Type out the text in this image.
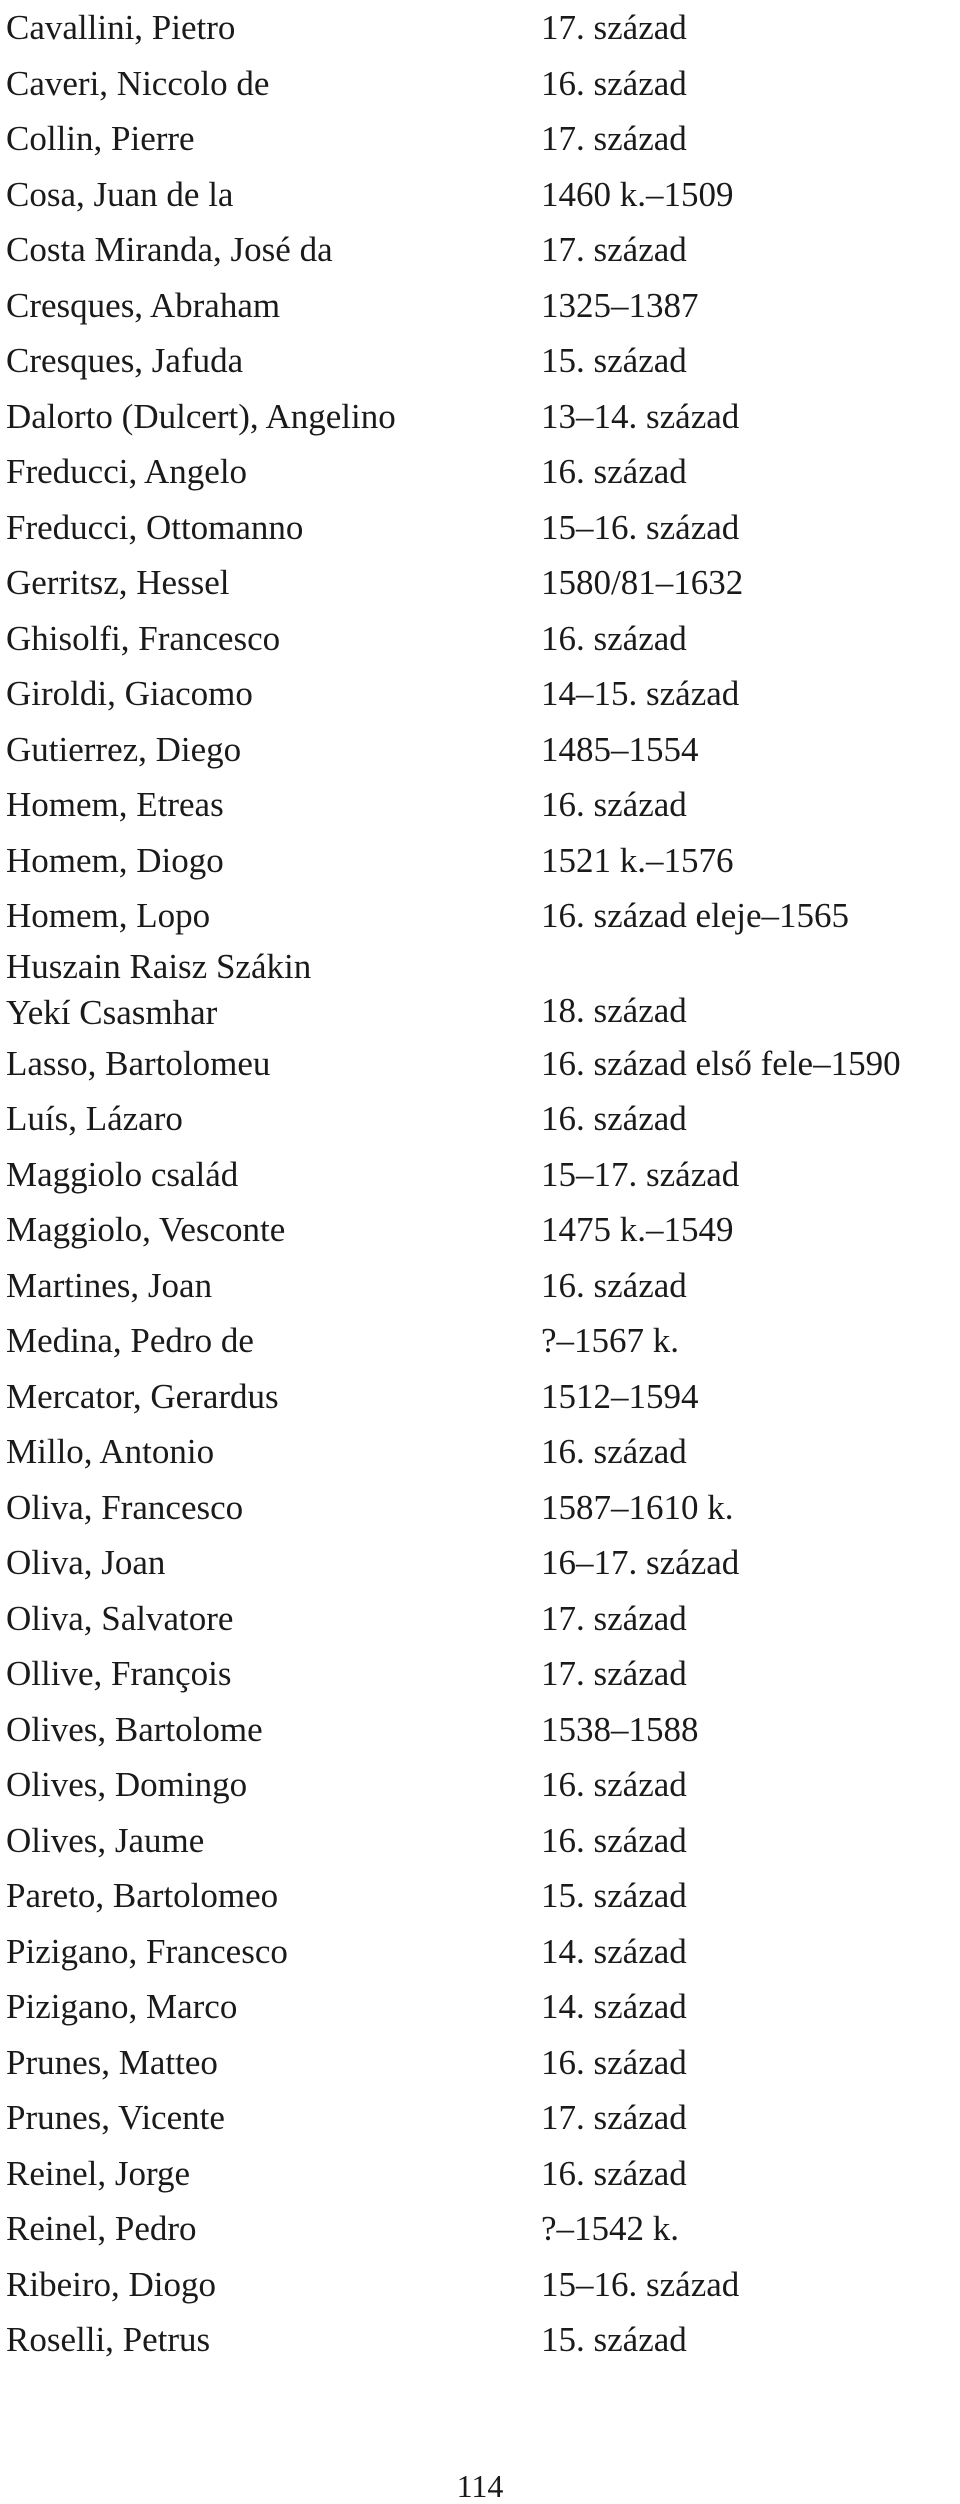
Cavallini, Pietro	17. század
Caveri, Niccolo de	16. század
Collin, Pierre	17. század
Cosa, Juan de la	1460 k.–1509
Costa Miranda, José da	17. század
Cresques, Abraham	1325–1387
Cresques, Jafuda	15. század
Dalorto (Dulcert), Angelino	13–14. század
Freducci, Angelo	16. század
Freducci, Ottomanno	15–16. század
Gerritsz, Hessel	1580/81–1632
Ghisolfi, Francesco	16. század
Giroldi, Giacomo	14–15. század
Gutierrez, Diego	1485–1554
Homem, Etreas	16. század
Homem, Diogo	1521 k.–1576
Homem, Lopo	16. század eleje–1565
Huszain Raisz Szákin
Yekí Csasmhar	18. század
Lasso, Bartolomeu	16. század első fele–1590
Luís, Lázaro	16. század
Maggiolo család	15–17. század
Maggiolo, Vesconte	1475 k.–1549
Martines, Joan	16. század
Medina, Pedro de	?–1567 k.
Mercator, Gerardus	1512–1594
Millo, Antonio	16. század
Oliva, Francesco	1587–1610 k.
Oliva, Joan	16–17. század
Oliva, Salvatore	17. század
Ollive, François	17. század
Olives, Bartolome	1538–1588
Olives, Domingo	16. század
Olives, Jaume	16. század
Pareto, Bartolomeo	15. század
Pizigano, Francesco	14. század
Pizigano, Marco	14. század
Prunes, Matteo	16. század
Prunes, Vicente	17. század
Reinel, Jorge	16. század
Reinel, Pedro	?–1542 k.
Ribeiro, Diogo	15–16. század
Roselli, Petrus	15. század
114
